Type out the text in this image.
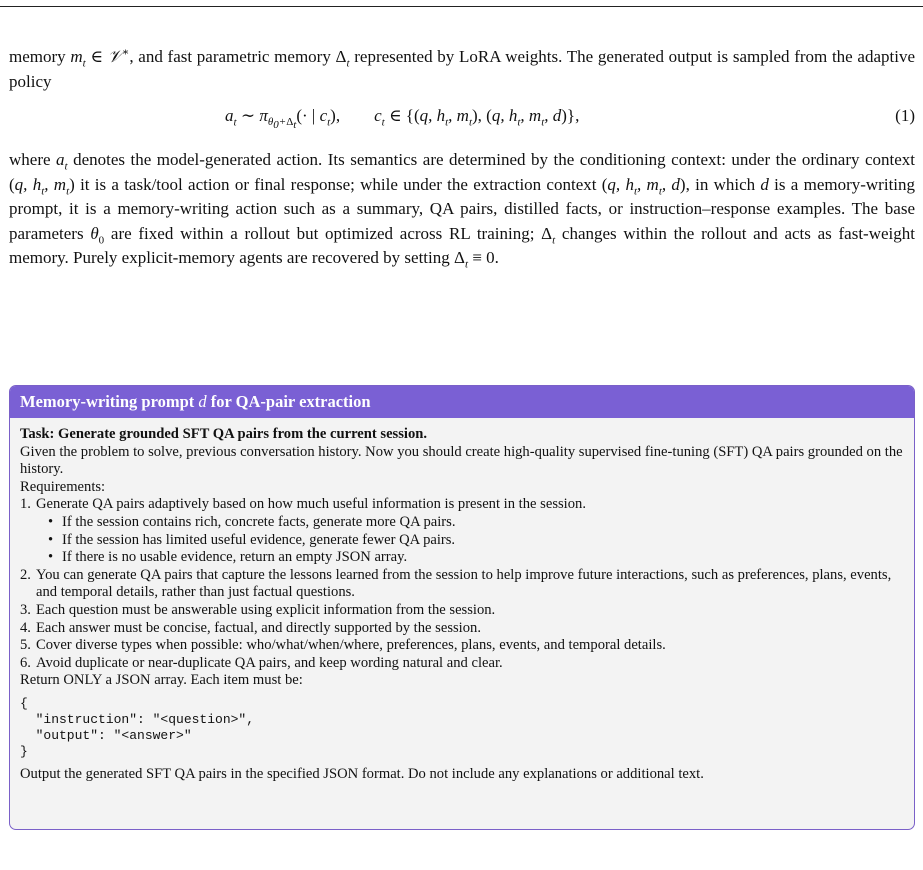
memory $m_t$ ∈ 𝒱∗, and fast parametric memory $\Delta_t$ represented by LoRA weights. The generated output is sampled from the adaptive policy
$a_t$ ∼ $\pi_{\theta_0+\Delta_t}(\cdot$ | $c_t$),        $c_t$ ∈ {(q, $h_t$, $m_t$), (q, $h_t$, $m_t$, d)},	(1)
where $a_t$ denotes the model-generated action. Its semantics are determined by the conditioning context: under the ordinary context (q, $h_t$, $m_t$) it is a task/tool action or final response; while under the extraction context (q, $h_t$, $m_t$, d), in which d is a memory-writing prompt, it is a memory-writing action such as a summary, QA pairs, distilled facts, or instruction–response examples. The base parameters $\theta_0$ are fixed within a rollout but optimized across RL training; $\Delta_t$ changes within the rollout and acts as fast-weight memory. Purely explicit-memory agents are recovered by setting $\Delta_t \equiv 0$.
Memory-writing prompt d for QA-pair extraction
Task: Generate grounded SFT QA pairs from the current session.
Given the problem to solve, previous conversation history. Now you should create high-quality supervised fine-tuning (SFT) QA pairs grounded on the history.
Requirements:
1. Generate QA pairs adaptively based on how much useful information is present in the session.
• If the session contains rich, concrete facts, generate more QA pairs.
• If the session has limited useful evidence, generate fewer QA pairs.
• If there is no usable evidence, return an empty JSON array.
2. You can generate QA pairs that capture the lessons learned from the session to help improve future interactions, such as preferences, plans, events, and temporal details, rather than just factual questions.
3. Each question must be answerable using explicit information from the session.
4. Each answer must be concise, factual, and directly supported by the session.
5. Cover diverse types when possible: who/what/when/where, preferences, plans, events, and temporal details.
6. Avoid duplicate or near-duplicate QA pairs, and keep wording natural and clear.
Return ONLY a JSON array. Each item must be:
{
"instruction": "<question>",
"output": "<answer>"
}
Output the generated SFT QA pairs in the specified JSON format. Do not include any explanations or additional text.
